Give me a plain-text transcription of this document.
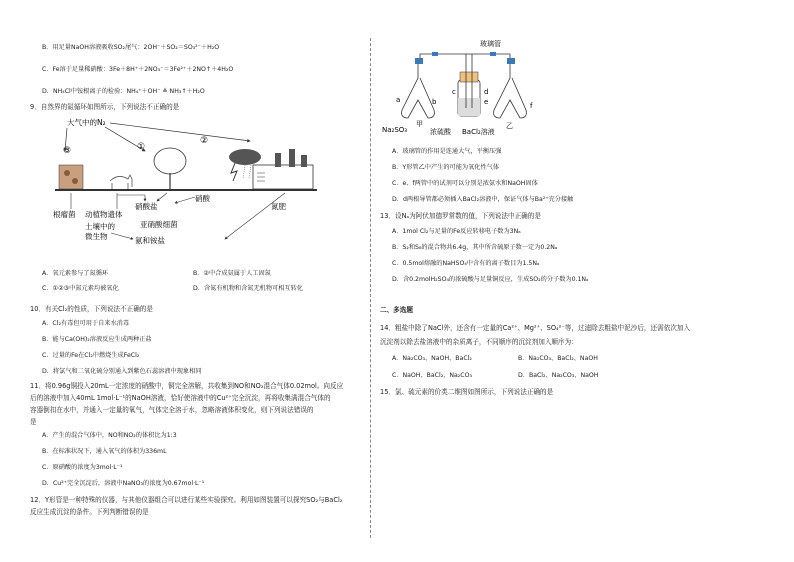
B．用足量NaOH溶液吸收SO₂尾气：2OH⁻＋SO₂＝SO₃²⁻＋H₂O
C．Fe溶于足量稀硝酸：3Fe＋8H⁺＋2NO₃⁻＝3Fe²⁺＋2NO↑＋4H₂O
D．NH₄Cl中铵根离子的检验：NH₄⁺＋OH⁻ ≜ NH₃↑＋H₂O
9．自然界的氮循环如图所示，下列说法不正确的是
大气中的N₂
②
①
③
根瘤菌 动植物遗体
土壤中的
微生物
硝酸盐
亚硝酸细菌
氨和铵盐
硝酸
氮肥
A．氧元素参与了氮循环	B．②中合成氨属于人工固氮
C．①②③中氮元素均被氧化	D．含氮有机物和含氮无机物可相互转化
10．有关Cl₂的性质，下列说法不正确的是
A．Cl₂有毒但可用于自来水消毒
B．能与Ca(OH)₂溶液反应生成两种正盐
C．过量的Fe在Cl₂中燃烧生成FeCl₂
D．将氯气和二氧化硫分别通入到紫色石蕊溶液中现象相同
11．将0.96g铜投入20mL一定浓度的硝酸中，铜完全溶解，共收集到NO和NO₂混合气体0.02mol。向反应
后的溶液中加入40mL 1mol·L⁻¹的NaOH溶液，恰好使溶液中的Cu²⁺完全沉淀，再将收集满混合气体的
容器倒扣在水中，并通入一定量的氧气，气体完全溶于水，忽略溶液体积变化，则下列说法错误的
是
A．产生的混合气体中，NO和NO₂的体积比为1:3
B．在标准状况下，通入氧气的体积为336mL
C．原硝酸的浓度为3mol·L⁻¹
D．Cu²⁺完全沉淀后，溶液中NaNO₃的浓度为0.67mol·L⁻¹
12．Y形管是一种特殊的仪器，与其他仪器组合可以进行某些实验探究。利用如图装置可以探究SO₂与BaCl₂
反应生成沉淀的条件。下列判断错误的是
玻璃管
a	b
c	d
e	f
Na₂SO₃
甲
浓硫酸 BaCl₂溶液
乙
A．玻璃管的作用是连通大气，平衡压强
B．Y形管乙中产生的可能为氧化性气体
C．e、f两管中的试剂可以分别是浓氨水和NaOH固体
D．d两根导管都必须插入BaCl₂溶液中，保证气体与Ba²⁺充分接触
13．设Nₐ为阿伏加德罗常数的值，下列说法中正确的是
A．1mol Cl₂与足量的Fe反应转移电子数为3Nₐ
B．S₂和S₈的混合物共6.4g，其中所含硫原子数一定为0.2Nₐ
C．0.5mol熔融的NaHSO₄中含有的离子数目为1.5Nₐ
D．含0.2molH₂SO₄的浓硫酸与足量铜反应，生成SO₂的分子数为0.1Nₐ
二、多选题
14．粗盐中除了NaCl外，还含有一定量的Ca²⁺、Mg²⁺、SO₄²⁻等，过滤除去粗盐中泥沙后，还需依次加入
沉淀剂以除去盐溶液中的杂质离子，不同顺序的沉淀剂加入顺序为：
A．Na₂CO₃、NaOH、BaCl₂	B．Na₂CO₃、BaCl₂、NaOH
C．NaOH、BaCl₂、Na₂CO₃	D．BaCl₂、Na₂CO₃、NaOH
15．氯、硫元素的价类二维图如图所示，下列说法正确的是
